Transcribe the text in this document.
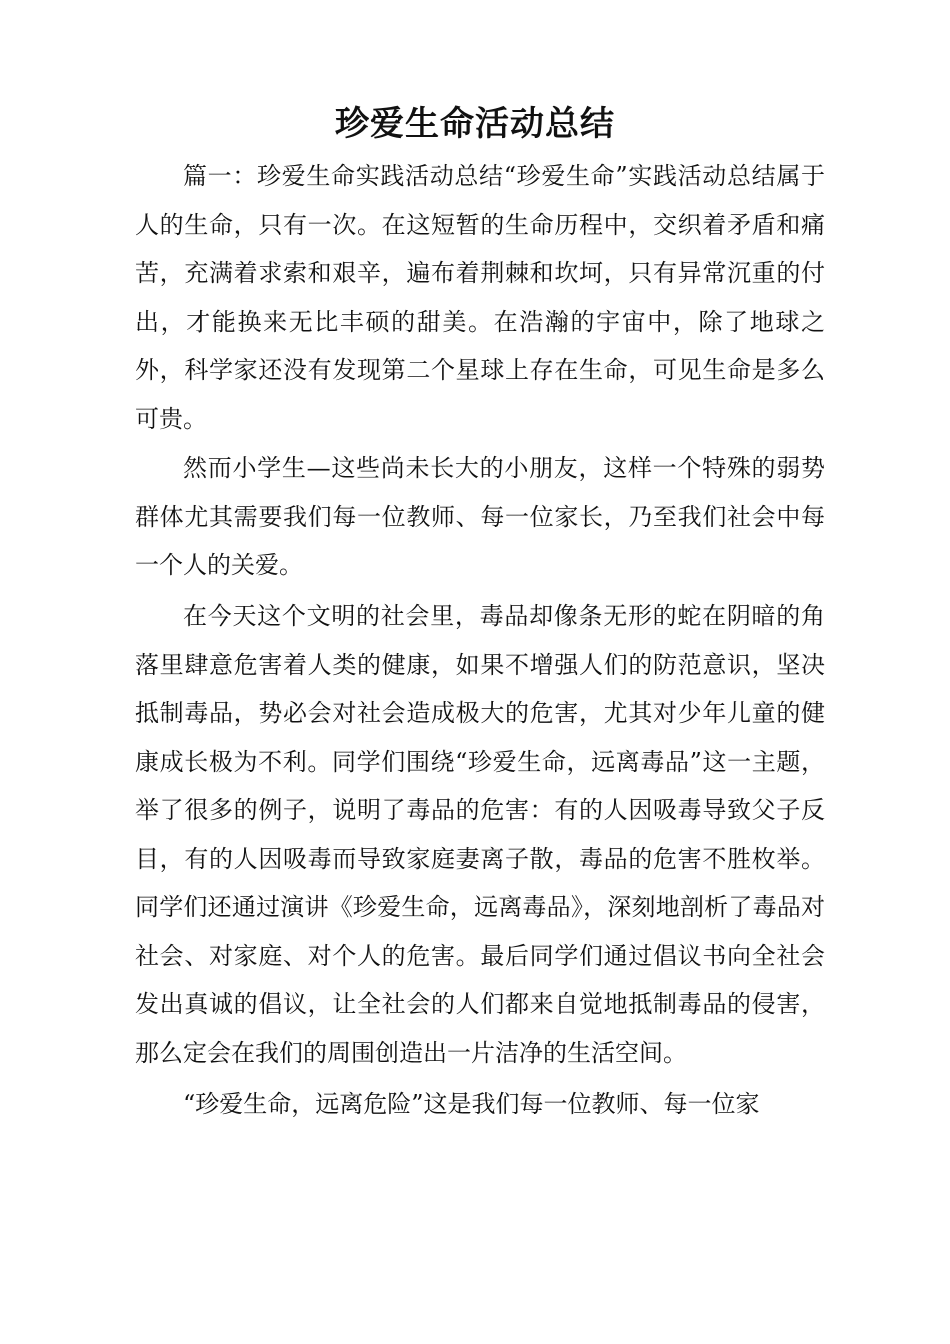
珍爱生命活动总结

篇一：珍爱生命实践活动总结“珍爱生命”实践活动总结属于人的生命，只有一次。在这短暂的生命历程中，交织着矛盾和痛苦，充满着求索和艰辛，遍布着荆棘和坎坷，只有异常沉重的付出，才能换来无比丰硕的甜美。在浩瀚的宇宙中，除了地球之外，科学家还没有发现第二个星球上存在生命，可见生命是多么可贵。

然而小学生—这些尚未长大的小朋友，这样一个特殊的弱势群体尤其需要我们每一位教师、每一位家长，乃至我们社会中每一个人的关爱。

在今天这个文明的社会里，毒品却像条无形的蛇在阴暗的角落里肆意危害着人类的健康，如果不增强人们的防范意识，坚决抵制毒品，势必会对社会造成极大的危害，尤其对少年儿童的健康成长极为不利。同学们围绕“珍爱生命，远离毒品”这一主题，举了很多的例子，说明了毒品的危害：有的人因吸毒导致父子反目，有的人因吸毒而导致家庭妻离子散，毒品的危害不胜枚举。同学们还通过演讲《珍爱生命，远离毒品》，深刻地剖析了毒品对社会、对家庭、对个人的危害。最后同学们通过倡议书向全社会发出真诚的倡议，让全社会的人们都来自觉地抵制毒品的侵害，那么定会在我们的周围创造出一片洁净的生活空间。

“珍爱生命，远离危险”这是我们每一位教师、每一位家
